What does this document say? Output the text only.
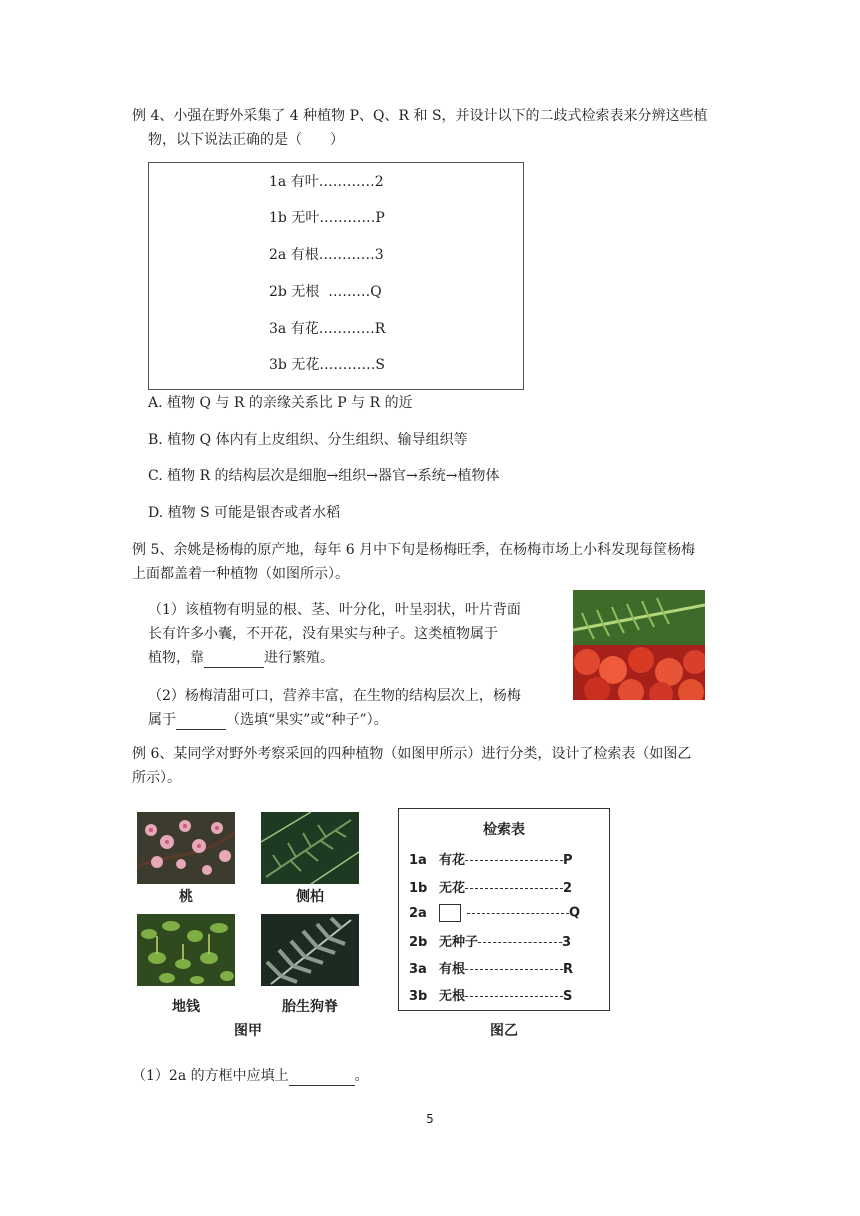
例 4、小强在野外采集了 4 种植物 P、Q、R 和 S，并设计以下的二歧式检索表来分辨这些植
物，以下说法正确的是（　　）
1a 有叶…………2
1b 无叶…………P
2a 有根…………3
2b 无根  ………Q
3a 有花…………R
3b 无花…………S
A. 植物 Q 与 R 的亲缘关系比 P 与 R 的近
B. 植物 Q 体内有上皮组织、分生组织、输导组织等
C. 植物 R 的结构层次是细胞→组织→器官→系统→植物体
D. 植物 S 可能是银杏或者水稻
例 5、余姚是杨梅的原产地，每年 6 月中下旬是杨梅旺季，在杨梅市场上小科发现每筐杨梅
上面都盖着一种植物（如图所示）。
（1）该植物有明显的根、茎、叶分化，叶呈羽状，叶片背面
长有许多小囊，不开花，没有果实与种子。这类植物属于
植物，靠	进行繁殖。
（2）杨梅清甜可口，营养丰富，在生物的结构层次上，杨梅
属于	（选填“果实”或“种子”）。
例 6、某同学对野外考察采回的四种植物（如图甲所示）进行分类，设计了检索表（如图乙
所示）。
桃	侧柏
地钱	胎生狗脊
图甲
检索表
1a 有花	P
1b 无花	2
2a	Q
2b 无种子	3
3a 有根	R
3b 无根	S
图乙
（1）2a 的方框中应填上	。
5
